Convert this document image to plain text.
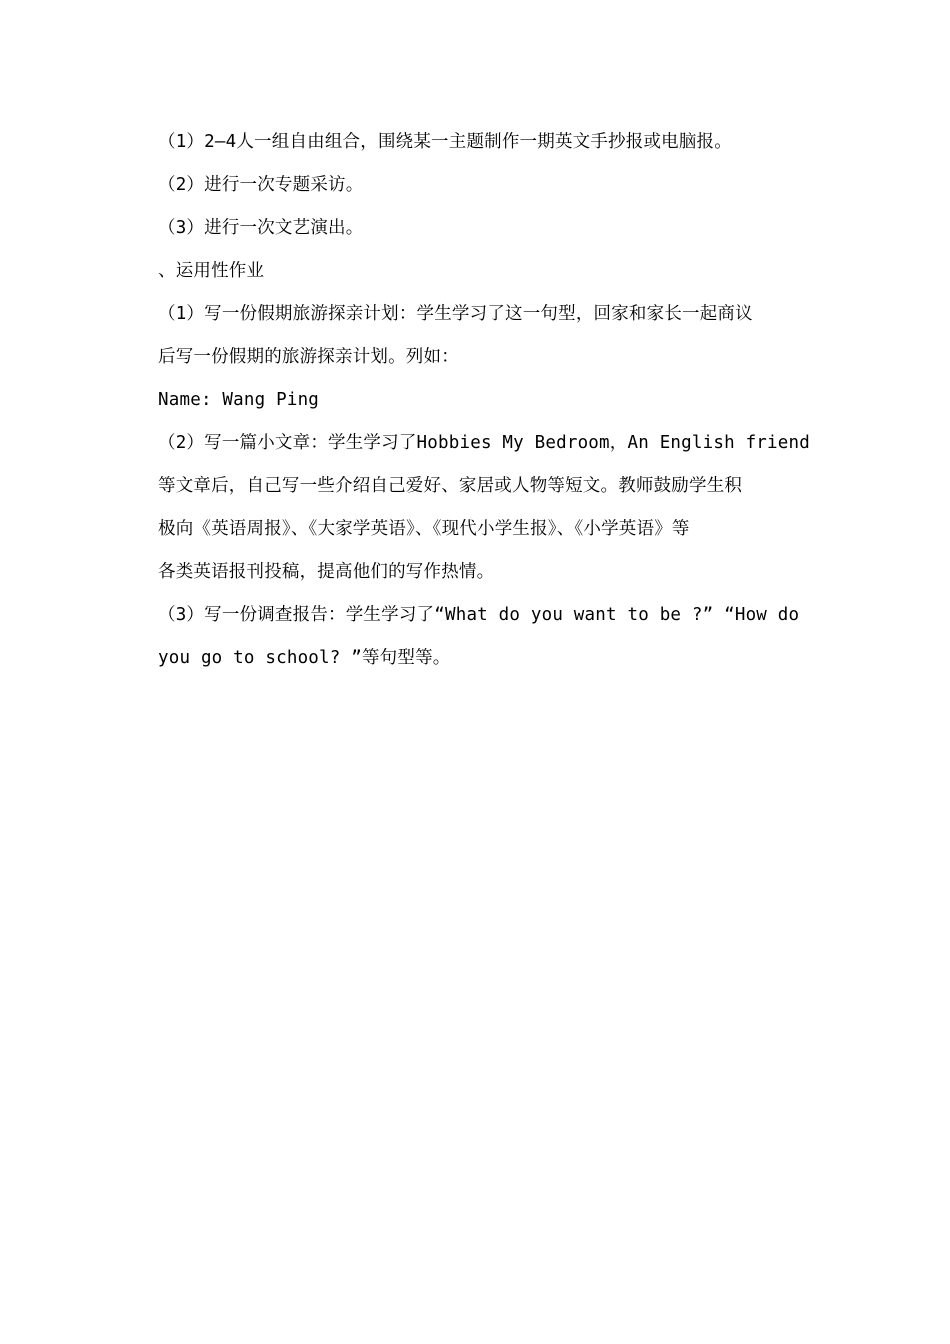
（1）2—4人一组自由组合，围绕某一主题制作一期英文手抄报或电脑报。
（2）进行一次专题采访。
（3）进行一次文艺演出。
、运用性作业
（1）写一份假期旅游探亲计划：学生学习了这一句型，回家和家长一起商议
后写一份假期的旅游探亲计划。列如：
Name: Wang Ping
（2）写一篇小文章：学生学习了Hobbies My Bedroom，An English friend
等文章后，自己写一些介绍自己爱好、家居或人物等短文。教师鼓励学生积
极向《英语周报》、《大家学英语》、《现代小学生报》、《小学英语》等
各类英语报刊投稿，提高他们的写作热情。
（3）写一份调查报告：学生学习了“What do you want to be ?” “How do
you go to school? ”等句型等。
